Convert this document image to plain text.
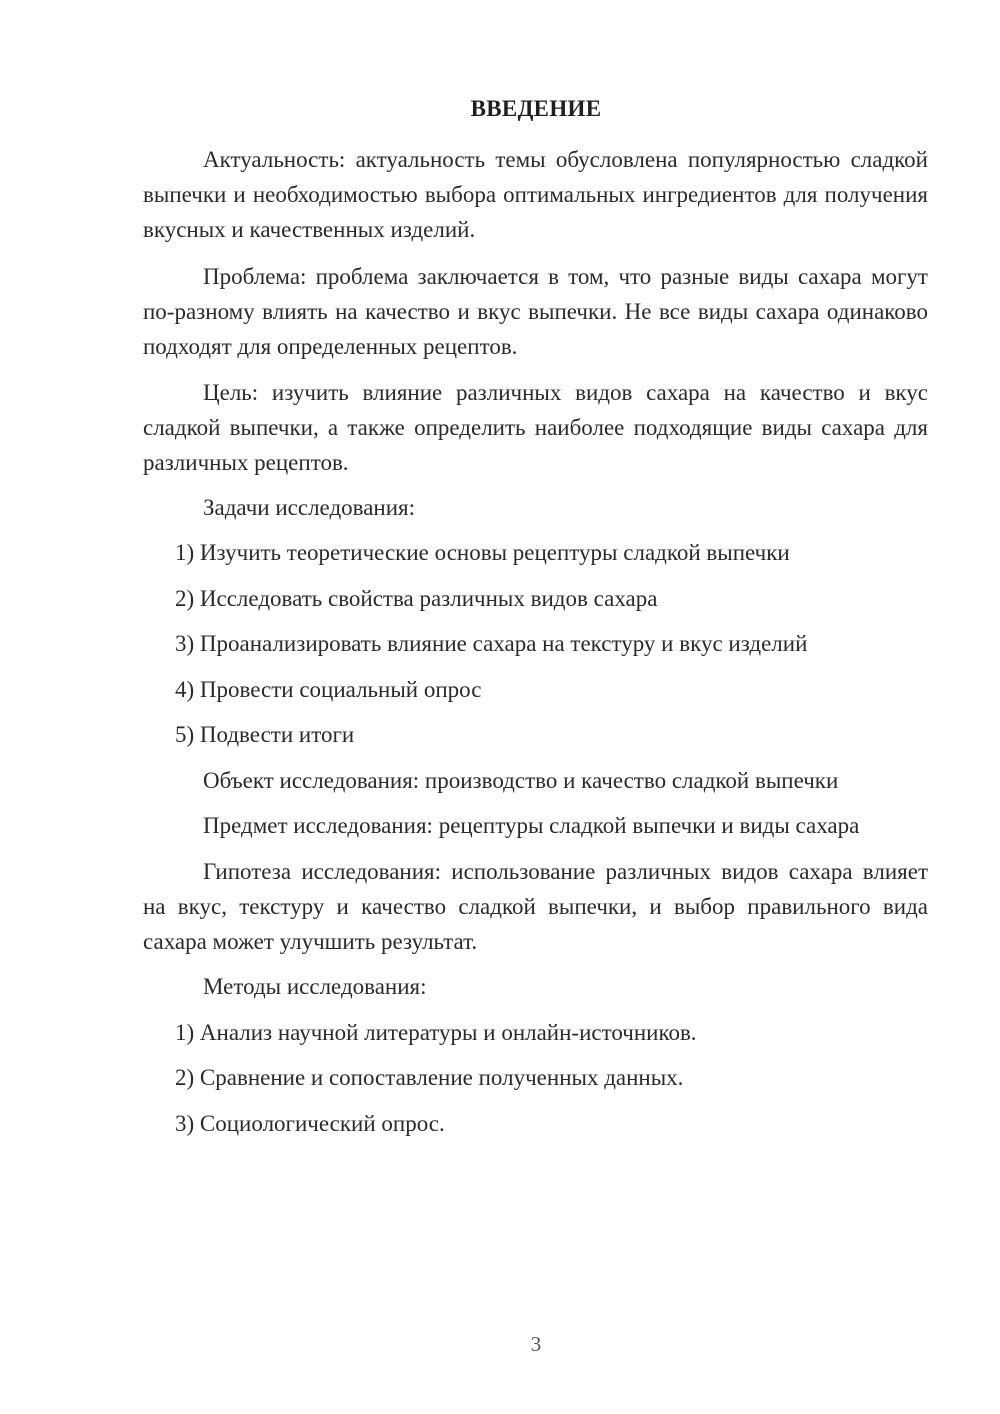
ВВЕДЕНИЕ

Актуальность: актуальность темы обусловлена популярностью сладкой выпечки и необходимостью выбора оптимальных ингредиентов для получения вкусных и качественных изделий.

Проблема: проблема заключается в том, что разные виды сахара могут по-разному влиять на качество и вкус выпечки. Не все виды сахара одинаково подходят для определенных рецептов.

Цель: изучить влияние различных видов сахара на качество и вкус сладкой выпечки, а также определить наиболее подходящие виды сахара для различных рецептов.

Задачи исследования:

1) Изучить теоретические основы рецептуры сладкой выпечки

2) Исследовать свойства различных видов сахара

3) Проанализировать влияние сахара на текстуру и вкус изделий

4) Провести социальный опрос

5) Подвести итоги

Объект исследования: производство и качество сладкой выпечки

Предмет исследования: рецептуры сладкой выпечки и виды сахара

Гипотеза исследования: использование различных видов сахара влияет на вкус, текстуру и качество сладкой выпечки, и выбор правильного вида сахара может улучшить результат.

Методы исследования:

1) Анализ научной литературы и онлайн-источников.

2) Сравнение и сопоставление полученных данных.

3) Социологический опрос.

3
